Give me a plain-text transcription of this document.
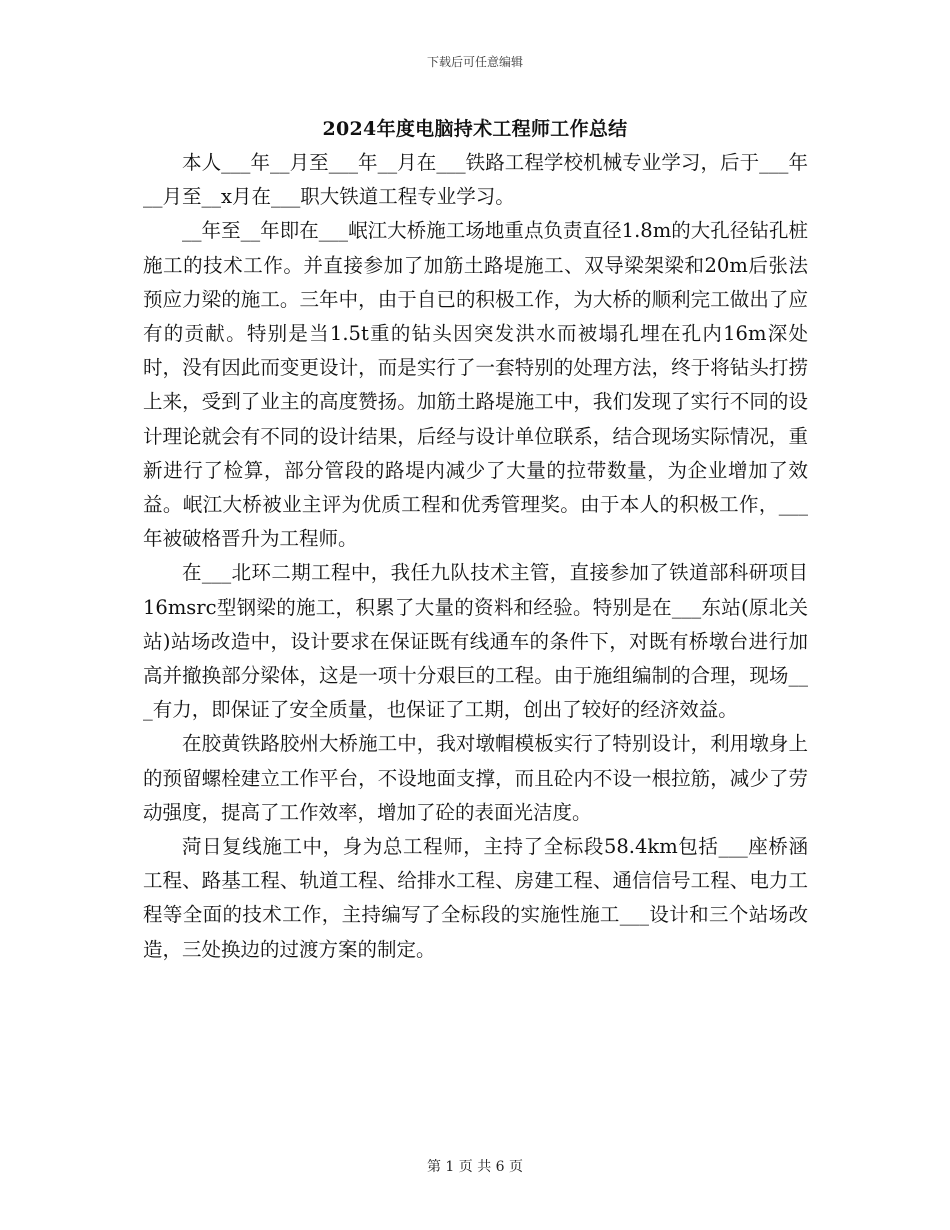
下载后可任意编辑
2024年度电脑持术工程师工作总结

本人___年__月至___年__月在___铁路工程学校机械专业学习，后于___年__月至__x月在___职大铁道工程专业学习。

__年至__年即在___岷江大桥施工场地重点负责直径1.8m的大孔径钻孔桩施工的技术工作。并直接参加了加筋土路堤施工、双导梁架梁和20m后张法预应力梁的施工。三年中，由于自已的积极工作，为大桥的顺利完工做出了应有的贡献。特别是当1.5t重的钻头因突发洪水而被塌孔埋在孔内16m深处时，没有因此而变更设计，而是实行了一套特别的处理方法，终于将钻头打捞上来，受到了业主的高度赞扬。加筋土路堤施工中，我们发现了实行不同的设计理论就会有不同的设计结果，后经与设计单位联系，结合现场实际情况，重新进行了检算，部分管段的路堤内减少了大量的拉带数量，为企业增加了效益。岷江大桥被业主评为优质工程和优秀管理奖。由于本人的积极工作，___年被破格晋升为工程师。

在___北环二期工程中，我任九队技术主管，直接参加了铁道部科研项目16msrc型钢梁的施工，积累了大量的资料和经验。特别是在___东站(原北关站)站场改造中，设计要求在保证既有线通车的条件下，对既有桥墩台进行加高并撤换部分梁体，这是一项十分艰巨的工程。由于施组编制的合理，现场___有力，即保证了安全质量，也保证了工期，创出了较好的经济效益。

在胶黄铁路胶州大桥施工中，我对墩帽模板实行了特别设计，利用墩身上的预留螺栓建立工作平台，不设地面支撑，而且砼内不设一根拉筋，减少了劳动强度，提高了工作效率，增加了砼的表面光洁度。

菏日复线施工中，身为总工程师，主持了全标段58.4km包括___座桥涵工程、路基工程、轨道工程、给排水工程、房建工程、通信信号工程、电力工程等全面的技术工作，主持编写了全标段的实施性施工___设计和三个站场改造，三处换边的过渡方案的制定。

第 1 页 共 6 页
